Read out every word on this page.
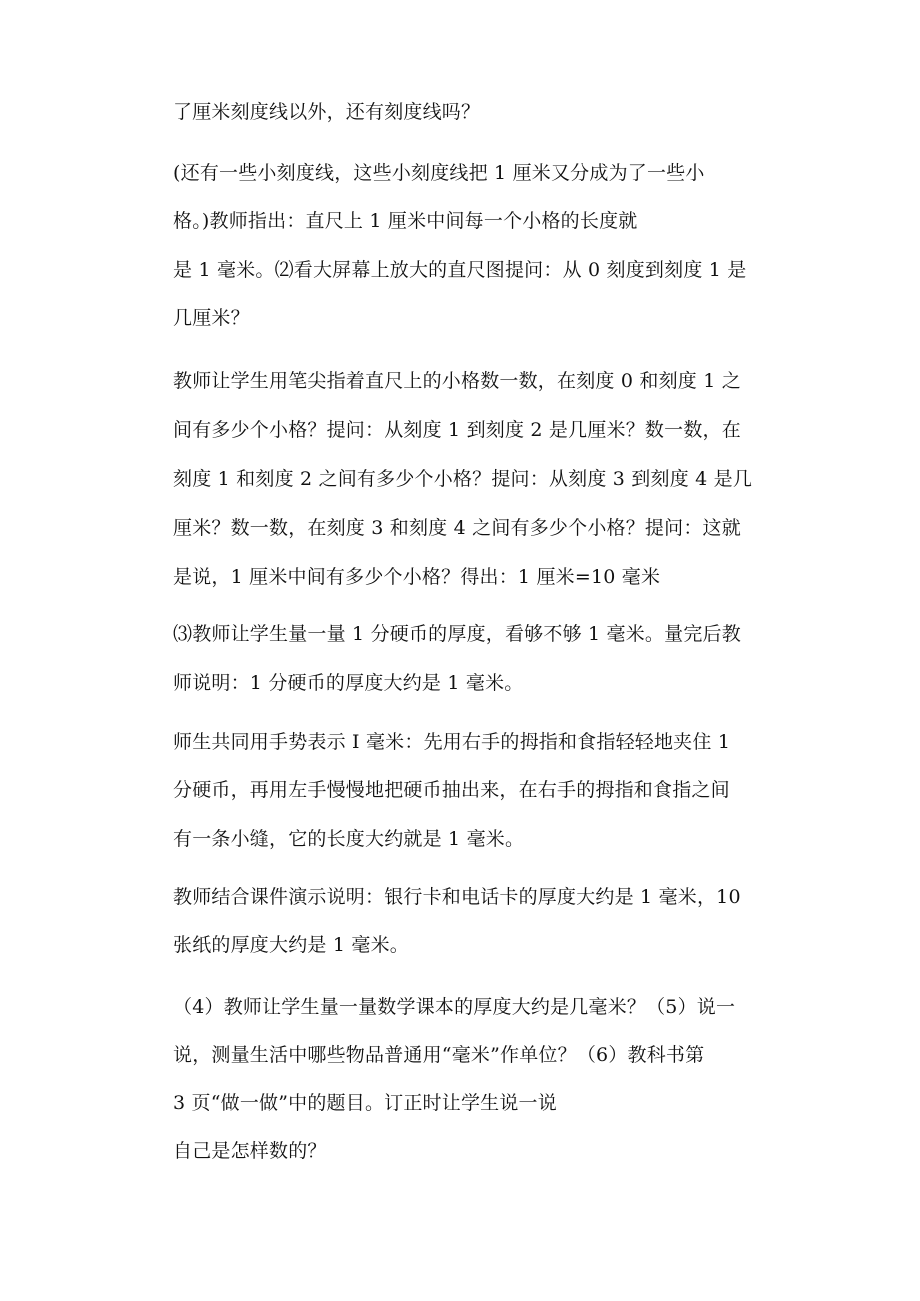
了厘米刻度线以外，还有刻度线吗？
(还有一些小刻度线，这些小刻度线把 1 厘米又分成为了一些小
格。)教师指出：直尺上 1 厘米中间每一个小格的长度就
是 1 毫米。⑵看大屏幕上放大的直尺图提问：从 0 刻度到刻度 1 是
几厘米？
教师让学生用笔尖指着直尺上的小格数一数，在刻度 0 和刻度 1 之
间有多少个小格？提问：从刻度 1 到刻度 2 是几厘米？数一数，在
刻度 1 和刻度 2 之间有多少个小格？提问：从刻度 3 到刻度 4 是几
厘米？数一数，在刻度 3 和刻度 4 之间有多少个小格？提问：这就
是说，1 厘米中间有多少个小格？得出：1 厘米=10 毫米
⑶教师让学生量一量 1 分硬币的厚度，看够不够 1 毫米。量完后教
师说明：1 分硬币的厚度大约是 1 毫米。
师生共同用手势表示 I 毫米：先用右手的拇指和食指轻轻地夹住 1
分硬币，再用左手慢慢地把硬币抽出来，在右手的拇指和食指之间
有一条小缝，它的长度大约就是 1 毫米。
教师结合课件演示说明：银行卡和电话卡的厚度大约是 1 毫米，10
张纸的厚度大约是 1 毫米。
（4）教师让学生量一量数学课本的厚度大约是几毫米？（5）说一
说，测量生活中哪些物品普通用“毫米”作单位？（6）教科书第
3 页“做一做”中的题目。订正时让学生说一说
自己是怎样数的？
